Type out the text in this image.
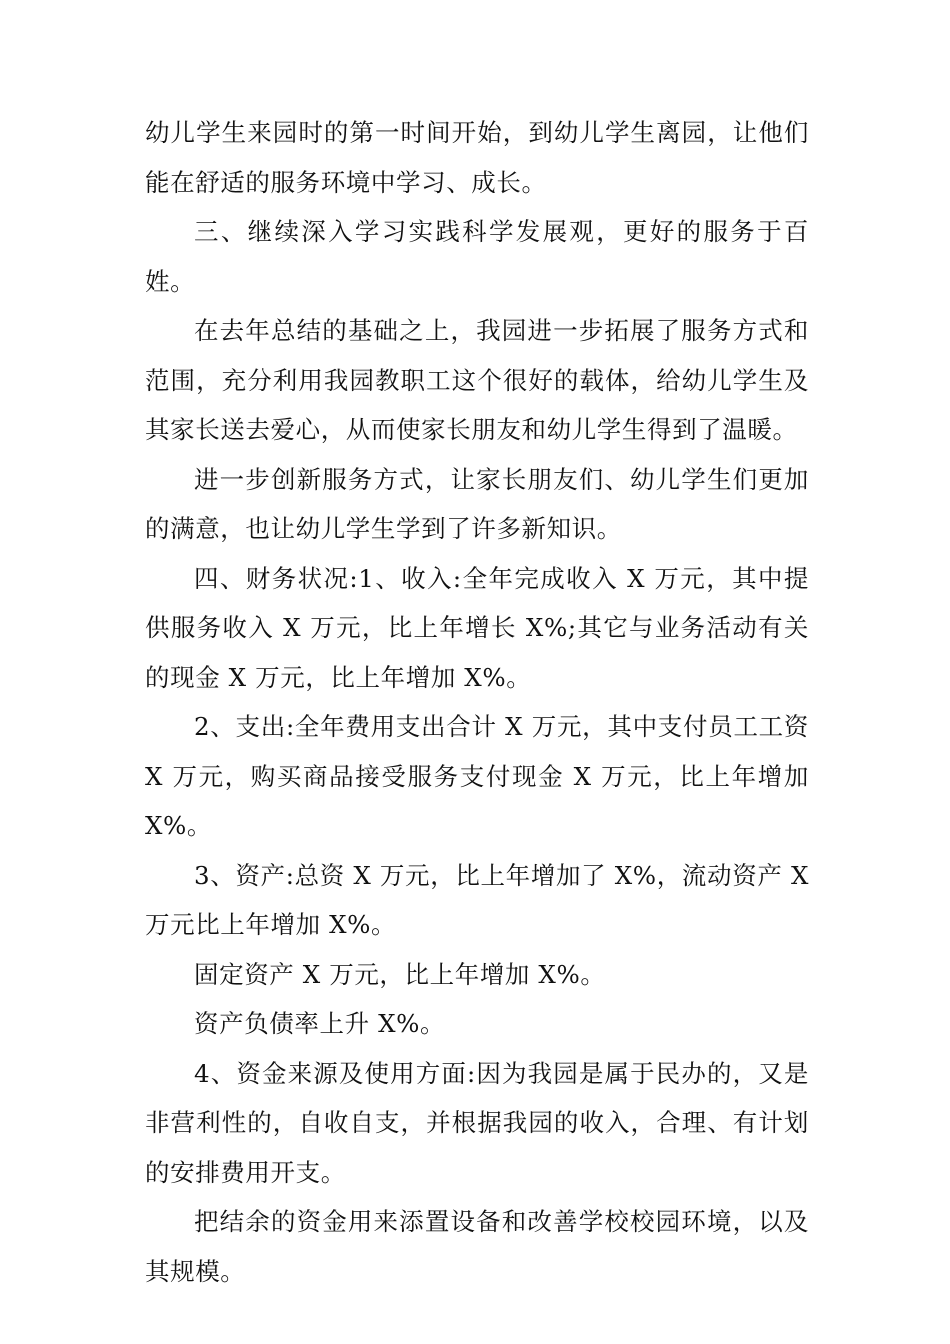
幼儿学生来园时的第一时间开始，到幼儿学生离园，让他们能在舒适的服务环境中学习、成长。

三、继续深入学习实践科学发展观，更好的服务于百姓。

在去年总结的基础之上，我园进一步拓展了服务方式和范围，充分利用我园教职工这个很好的载体，给幼儿学生及其家长送去爱心，从而使家长朋友和幼儿学生得到了温暖。

进一步创新服务方式，让家长朋友们、幼儿学生们更加的满意，也让幼儿学生学到了许多新知识。

四、财务状况:1、收入:全年完成收入 X 万元，其中提供服务收入 X 万元，比上年增长 X%;其它与业务活动有关的现金 X 万元，比上年增加 X%。

2、支出:全年费用支出合计 X 万元，其中支付员工工资 X 万元，购买商品接受服务支付现金 X 万元，比上年增加 X%。

3、资产:总资 X 万元，比上年增加了 X%，流动资产 X 万元比上年增加 X%。

固定资产 X 万元，比上年增加 X%。

资产负债率上升 X%。

4、资金来源及使用方面:因为我园是属于民办的，又是非营利性的，自收自支，并根据我园的收入，合理、有计划的安排费用开支。

把结余的资金用来添置设备和改善学校校园环境，以及其规模。
